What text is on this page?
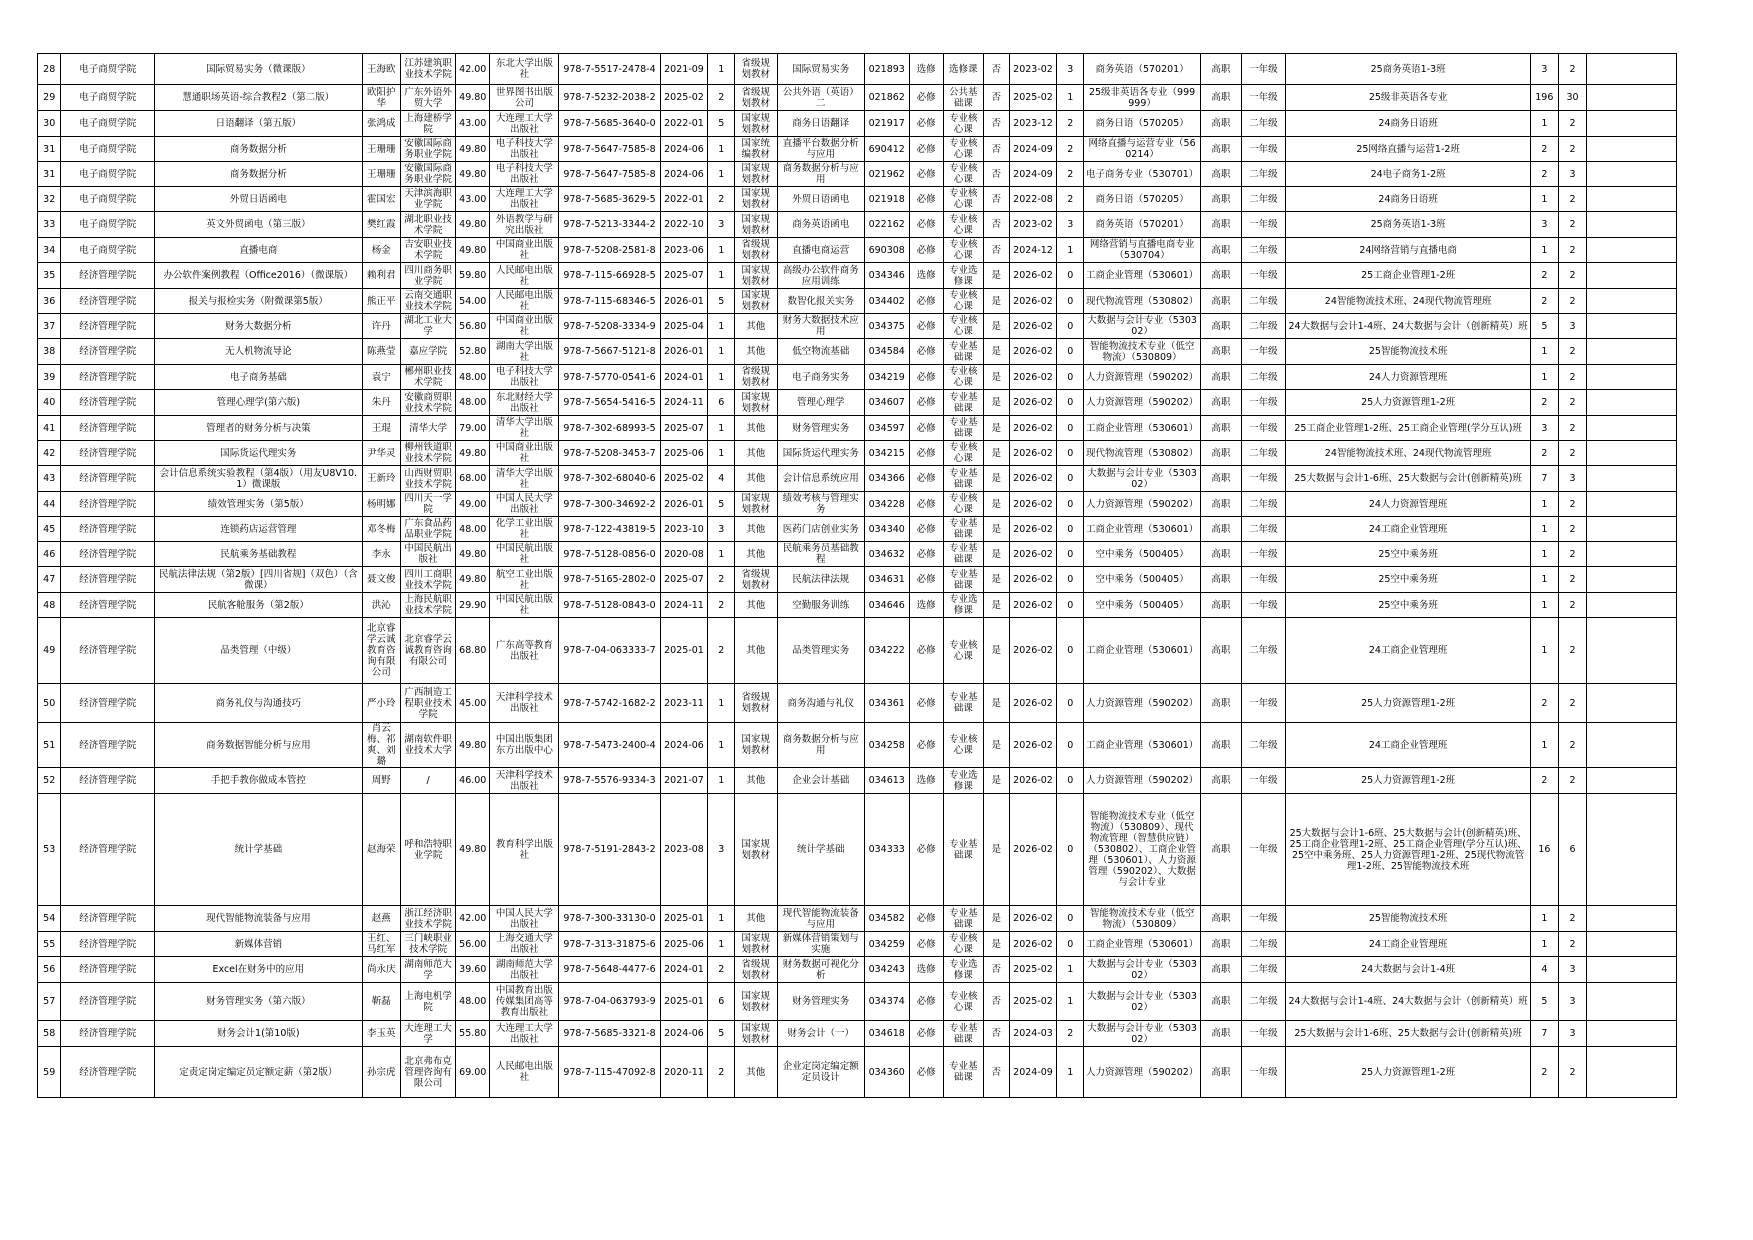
28	电子商贸学院	国际贸易实务（微课版）	王海欧	江苏建筑职业技术学院	42.00	东北大学出版社	978-7-5517-2478-4	2021-09	1	省级规划教材	国际贸易实务	021893	选修	选修课	否	2023-02	3	商务英语（570201）	高职	一年级	25商务英语1-3班	3	2	
29	电子商贸学院	慧通职场英语-综合教程2（第二版）	欧阳护华	广东外语外贸大学	49.80	世界图书出版公司	978-7-5232-2038-2	2025-02	2	省级规划教材	公共外语（英语）二	021862	必修	公共基础课	否	2025-02	1	25级非英语各专业（999999）	高职	一年级	25级非英语各专业	196	30	
30	电子商贸学院	日语翻译（第五版）	张鸿成	上海建桥学院	43.00	大连理工大学出版社	978-7-5685-3640-0	2022-01	5	国家规划教材	商务日语翻译	021917	必修	专业核心课	否	2023-12	2	商务日语（570205）	高职	二年级	24商务日语班	1	2	
31	电子商贸学院	商务数据分析	王珊珊	安徽国际商务职业学院	49.80	电子科技大学出版社	978-7-5647-7585-8	2024-06	1	国家统编教材	直播平台数据分析与应用	690412	必修	专业核心课	否	2024-09	2	网络直播与运营专业（560214）	高职	一年级	25网络直播与运营1-2班	2	2	
31	电子商贸学院	商务数据分析	王珊珊	安徽国际商务职业学院	49.80	电子科技大学出版社	978-7-5647-7585-8	2024-06	1	国家规划教材	商务数据分析与应用	021962	必修	专业核心课	否	2024-09	2	电子商务专业（530701）	高职	二年级	24电子商务1-2班	2	3	
32	电子商贸学院	外贸日语函电	霍国宏	天津滨海职业学院	43.00	大连理工大学出版社	978-7-5685-3629-5	2022-01	2	国家规划教材	外贸日语函电	021918	必修	专业核心课	否	2022-08	2	商务日语（570205）	高职	二年级	24商务日语班	1	2	
33	电子商贸学院	英文外贸函电（第三版）	樊红霞	湖北职业技术学院	49.80	外语教学与研究出版社	978-7-5213-3344-2	2022-10	3	国家规划教材	商务英语函电	022162	必修	专业核心课	否	2023-02	3	商务英语（570201）	高职	一年级	25商务英语1-3班	3	2	
34	电子商贸学院	直播电商	杨金	吉安职业技术学院	49.80	中国商业出版社	978-7-5208-2581-8	2023-06	1	省级规划教材	直播电商运营	690308	必修	专业核心课	否	2024-12	1	网络营销与直播电商专业（530704）	高职	二年级	24网络营销与直播电商	1	2	
35	经济管理学院	办公软件案例教程（Office2016）（微课版）	赖利君	四川商务职业学院	59.80	人民邮电出版社	978-7-115-66928-5	2025-07	1	国家规划教材	高级办公软件商务应用训练	034346	选修	专业选修课	是	2026-02	0	工商企业管理（530601）	高职	一年级	25工商企业管理1-2班	2	2	
36	经济管理学院	报关与报检实务（附微课第5版）	熊正平	云南交通职业技术学院	54.00	人民邮电出版社	978-7-115-68346-5	2026-01	5	国家规划教材	数智化报关实务	034402	必修	专业核心课	是	2026-02	0	现代物流管理（530802）	高职	二年级	24智能物流技术班、24现代物流管理班	2	2	
37	经济管理学院	财务大数据分析	许丹	湖北工业大学	56.80	中国商业出版社	978-7-5208-3334-9	2025-04	1	其他	财务大数据技术应用	034375	必修	专业核心课	是	2026-02	0	大数据与会计专业（530302）	高职	二年级	24大数据与会计1-4班、24大数据与会计（创新精英）班	5	3	
38	经济管理学院	无人机物流导论	陈燕莹	嘉应学院	52.80	湖南大学出版社	978-7-5667-5121-8	2026-01	1	其他	低空物流基础	034584	必修	专业基础课	是	2026-02	0	智能物流技术专业（低空物流）（530809）	高职	一年级	25智能物流技术班	1	2	
39	经济管理学院	电子商务基础	袁宁	郴州职业技术学院	48.00	电子科技大学出版社	978-7-5770-0541-6	2024-01	1	省级规划教材	电子商务实务	034219	必修	专业核心课	是	2026-02	0	人力资源管理（590202）	高职	二年级	24人力资源管理班	1	2	
40	经济管理学院	管理心理学(第六版)	朱丹	安徽商贸职业技术学院	48.00	东北财经大学出版社	978-7-5654-5416-5	2024-11	6	国家规划教材	管理心理学	034607	必修	专业基础课	是	2026-02	0	人力资源管理（590202）	高职	一年级	25人力资源管理1-2班	2	2	
41	经济管理学院	管理者的财务分析与决策	王琨	清华大学	79.00	清华大学出版社	978-7-302-68993-5	2025-07	1	其他	财务管理实务	034597	必修	专业基础课	是	2026-02	0	工商企业管理（530601）	高职	一年级	25工商企业管理1-2班、25工商企业管理(学分互认)班	3	2	
42	经济管理学院	国际货运代理实务	尹华灵	柳州铁道职业技术学院	49.80	中国商业出版社	978-7-5208-3453-7	2025-06	1	其他	国际货运代理实务	034215	必修	专业核心课	是	2026-02	0	现代物流管理（530802）	高职	二年级	24智能物流技术班、24现代物流管理班	2	2	
43	经济管理学院	会计信息系统实验教程（第4版）（用友U8V10.1）微课版	王新玲	山西财贸职业技术学院	68.00	清华大学出版社	978-7-302-68040-6	2025-02	4	其他	会计信息系统应用	034366	必修	专业基础课	是	2026-02	0	大数据与会计专业（530302）	高职	一年级	25大数据与会计1-6班、25大数据与会计(创新精英)班	7	3	
44	经济管理学院	绩效管理实务（第5版）	杨明娜	四川天一学院	49.00	中国人民大学出版社	978-7-300-34692-2	2026-01	5	国家规划教材	绩效考核与管理实务	034228	必修	专业核心课	是	2026-02	0	人力资源管理（590202）	高职	二年级	24人力资源管理班	1	2	
45	经济管理学院	连锁药店运营管理	邓冬梅	广东食品药品职业学院	48.00	化学工业出版社	978-7-122-43819-5	2023-10	3	其他	医药门店创业实务	034340	必修	专业基础课	是	2026-02	0	工商企业管理（530601）	高职	二年级	24工商企业管理班	1	2	
46	经济管理学院	民航乘务基础教程	李永	中国民航出版社	49.80	中国民航出版社	978-7-5128-0856-0	2020-08	1	其他	民航乘务员基础教程	034632	必修	专业基础课	是	2026-02	0	空中乘务（500405）	高职	一年级	25空中乘务班	1	2	
47	经济管理学院	民航法律法规（第2版）[四川省规]（双色）（含微课）	聂文俊	四川工商职业技术学院	49.80	航空工业出版社	978-7-5165-2802-0	2025-07	2	省级规划教材	民航法律法规	034631	必修	专业基础课	是	2026-02	0	空中乘务（500405）	高职	一年级	25空中乘务班	1	2	
48	经济管理学院	民航客舱服务（第2版）	洪沁	上海民航职业技术学院	29.90	中国民航出版社	978-7-5128-0843-0	2024-11	2	其他	空勤服务训练	034646	选修	专业选修课	是	2026-02	0	空中乘务（500405）	高职	一年级	25空中乘务班	1	2	
49	经济管理学院	品类管理（中级）	北京睿学云诚教育咨询有限公司	北京睿学云诚教育咨询有限公司	68.80	广东高等教育出版社	978-7-04-063333-7	2025-01	2	其他	品类管理实务	034222	必修	专业核心课	是	2026-02	0	工商企业管理（530601）	高职	二年级	24工商企业管理班	1	2	
50	经济管理学院	商务礼仪与沟通技巧	严小玲	广西制造工程职业技术学院	45.00	天津科学技术出版社	978-7-5742-1682-2	2023-11	1	省级规划教材	商务沟通与礼仪	034361	必修	专业基础课	是	2026-02	0	人力资源管理（590202）	高职	一年级	25人力资源管理1-2班	2	2	
51	经济管理学院	商务数据智能分析与应用	肖云梅、祁爽、刘璐	湖南软件职业技术大学	49.80	中国出版集团东方出版中心	978-7-5473-2400-4	2024-06	1	国家规划教材	商务数据分析与应用	034258	必修	专业核心课	是	2026-02	0	工商企业管理（530601）	高职	二年级	24工商企业管理班	1	2	
52	经济管理学院	手把手教你做成本管控	周野	/	46.00	天津科学技术出版社	978-7-5576-9334-3	2021-07	1	其他	企业会计基础	034613	选修	专业选修课	是	2026-02	0	人力资源管理（590202）	高职	一年级	25人力资源管理1-2班	2	2	
53	经济管理学院	统计学基础	赵海荣	呼和浩特职业学院	49.80	教育科学出版社	978-7-5191-2843-2	2023-08	3	国家规划教材	统计学基础	034333	必修	专业基础课	是	2026-02	0	智能物流技术专业（低空物流）（530809）、现代物流管理（智慧供应链）（530802）、工商企业管理（530601）、人力资源管理（590202）、大数据与会计专业	高职	一年级	25大数据与会计1-6班、25大数据与会计(创新精英)班、25工商企业管理1-2班、25工商企业管理(学分互认)班、25空中乘务班、25人力资源管理1-2班、25现代物流管理1-2班、25智能物流技术班	16	6	
54	经济管理学院	现代智能物流装备与应用	赵燕	浙江经济职业技术学院	42.00	中国人民大学出版社	978-7-300-33130-0	2025-01	1	其他	现代智能物流装备与应用	034582	必修	专业基础课	是	2026-02	0	智能物流技术专业（低空物流）（530809）	高职	一年级	25智能物流技术班	1	2	
55	经济管理学院	新媒体营销	王红、马红军	三门峡职业技术学院	56.00	上海交通大学出版社	978-7-313-31875-6	2025-06	1	国家规划教材	新媒体营销策划与实施	034259	必修	专业核心课	是	2026-02	0	工商企业管理（530601）	高职	二年级	24工商企业管理班	1	2	
56	经济管理学院	Excel在财务中的应用	尚永庆	湖南师范大学	39.60	湖南师范大学出版社	978-7-5648-4477-6	2024-01	2	省级规划教材	财务数据可视化分析	034243	选修	专业选修课	否	2025-02	1	大数据与会计专业（530302）	高职	二年级	24大数据与会计1-4班	4	3	
57	经济管理学院	财务管理实务（第六版）	靳磊	上海电机学院	48.00	中国教育出版传媒集团高等教育出版社	978-7-04-063793-9	2025-01	6	国家规划教材	财务管理实务	034374	必修	专业核心课	否	2025-02	1	大数据与会计专业（530302）	高职	二年级	24大数据与会计1-4班、24大数据与会计（创新精英）班	5	3	
58	经济管理学院	财务会计1(第10版)	李玉英	大连理工大学	55.80	大连理工大学出版社	978-7-5685-3321-8	2024-06	5	国家规划教材	财务会计（一）	034618	必修	专业基础课	否	2024-03	2	大数据与会计专业（530302）	高职	一年级	25大数据与会计1-6班、25大数据与会计(创新精英)班	7	3	
59	经济管理学院	定责定岗定编定员定额定薪（第2版）	孙宗虎	北京弗布克管理咨询有限公司	69.00	人民邮电出版社	978-7-115-47092-8	2020-11	2	其他	企业定岗定编定额定员设计	034360	必修	专业基础课	否	2024-09	1	人力资源管理（590202）	高职	一年级	25人力资源管理1-2班	2	2	
